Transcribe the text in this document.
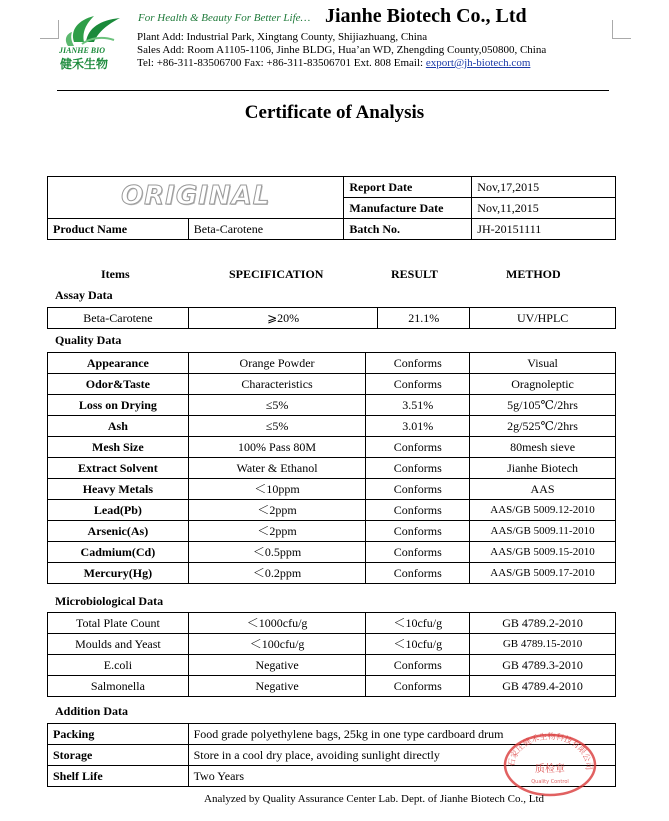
JIANHE BIO
健禾生物
For Health & Beauty For Better Life… Jianhe Biotech Co., Ltd
Plant Add: Industrial Park, Xingtang County, Shijiazhuang, China
Sales Add: Room A1105-1106, Jinhe BLDG, Hua’an WD, Zhengding County,050800, China
Tel: +86-311-83506700 Fax: +86-311-83506701 Ext. 808 Email: export@jh-biotech.com
Certificate of Analysis
ORIGINAL		Report Date	Nov,17,2015
		Manufacture Date	Nov,11,2015
Product Name	Beta-Carotene	Batch No.	JH-20151111
Items	SPECIFICATION	RESULT	METHOD
Assay Data
Beta-Carotene	⩾20%	21.1%	UV/HPLC
Quality Data
Appearance	Orange Powder	Conforms	Visual
Odor&Taste	Characteristics	Conforms	Oragnoleptic
Loss on Drying	≤5%	3.51%	5g/105℃/2hrs
Ash	≤5%	3.01%	2g/525℃/2hrs
Mesh Size	100% Pass 80M	Conforms	80mesh sieve
Extract Solvent	Water & Ethanol	Conforms	Jianhe Biotech
Heavy Metals	＜10ppm	Conforms	AAS
Lead(Pb)	＜2ppm	Conforms	AAS/GB 5009.12-2010
Arsenic(As)	＜2ppm	Conforms	AAS/GB 5009.11-2010
Cadmium(Cd)	＜0.5ppm	Conforms	AAS/GB 5009.15-2010
Mercury(Hg)	＜0.2ppm	Conforms	AAS/GB 5009.17-2010
Microbiological Data
Total Plate Count	＜1000cfu/g	＜10cfu/g	GB 4789.2-2010
Moulds and Yeast	＜100cfu/g	＜10cfu/g	GB 4789.15-2010
E.coli	Negative	Conforms	GB 4789.3-2010
Salmonella	Negative	Conforms	GB 4789.4-2010
Addition Data
Packing	Food grade polyethylene bags, 25kg in one type cardboard drum
Storage	Store in a cool dry place, avoiding sunlight directly
Shelf Life	Two Years
石家庄健禾生物科技有限公司
质检章
Quality Control
Analyzed by Quality Assurance Center Lab. Dept. of Jianhe Biotech Co., Ltd
